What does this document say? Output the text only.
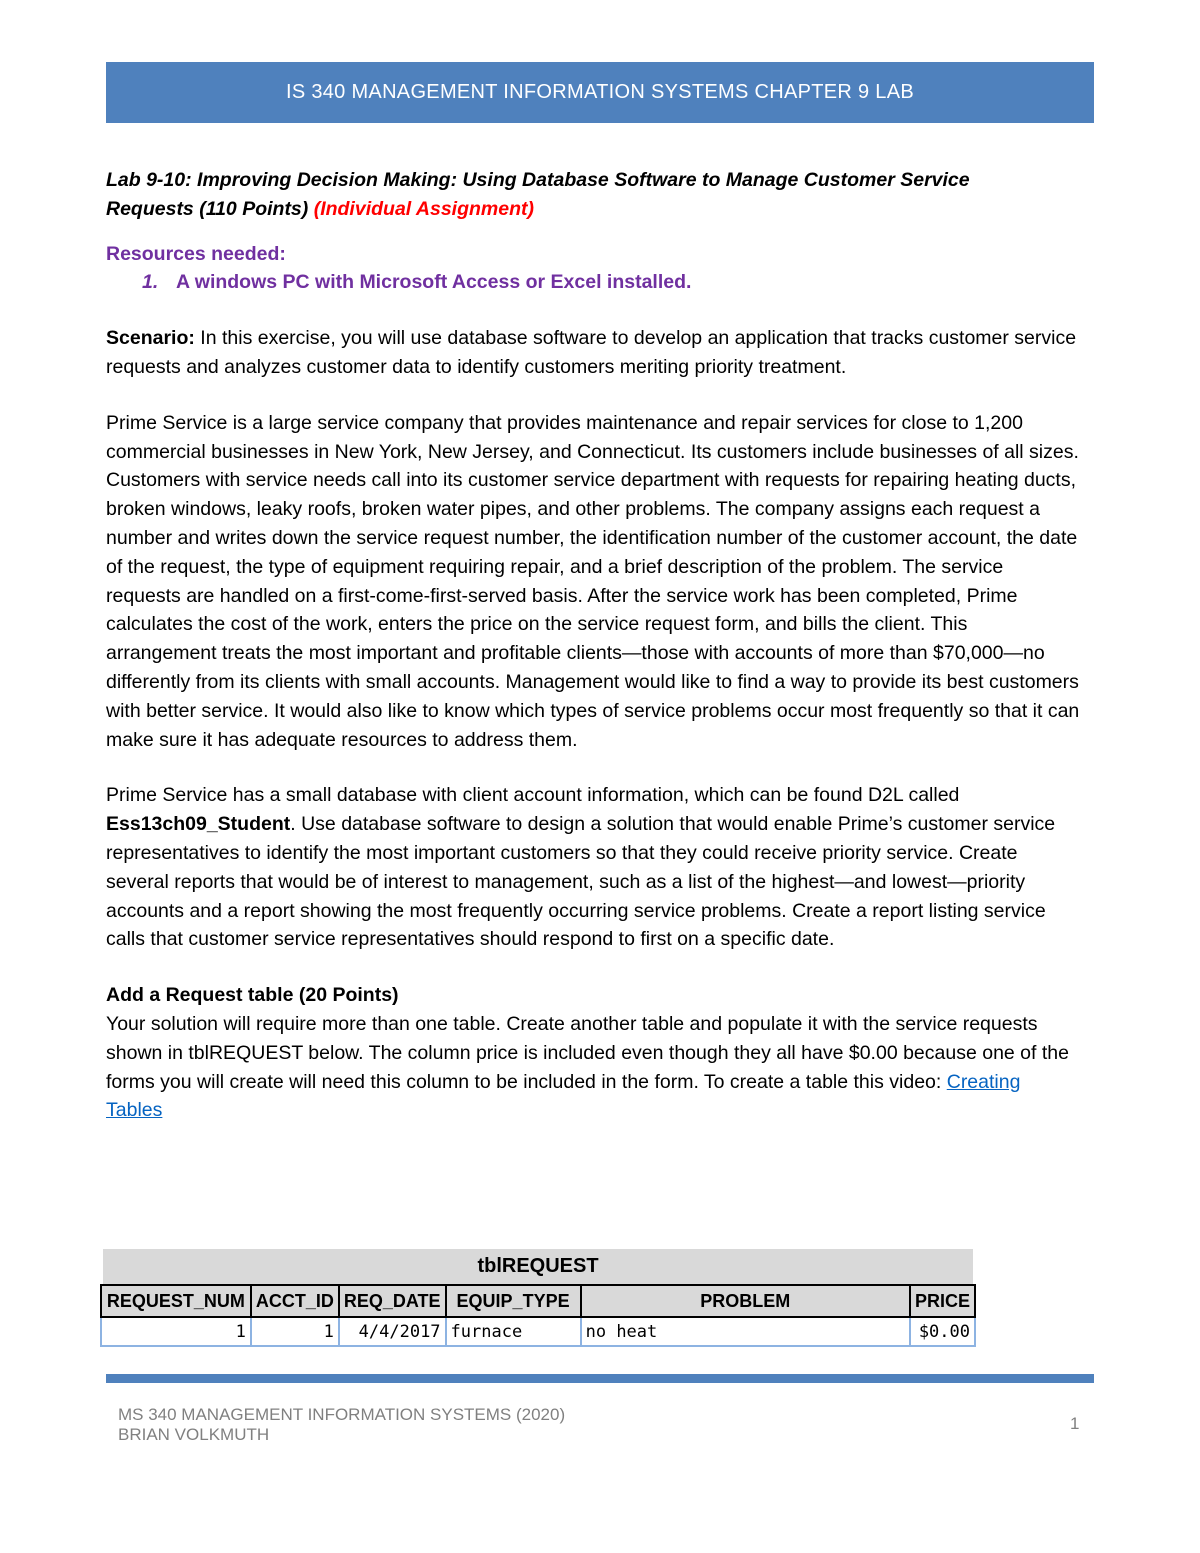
IS 340 MANAGEMENT INFORMATION SYSTEMS CHAPTER 9 LAB

Lab 9-10: Improving Decision Making: Using Database Software to Manage Customer Service
Requests (110 Points) (Individual Assignment)

Resources needed:

1. A windows PC with Microsoft Access or Excel installed.

Scenario: In this exercise, you will use database software to develop an application that tracks customer service requests and analyzes customer data to identify customers meriting priority treatment.

Prime Service is a large service company that provides maintenance and repair services for close to 1,200 commercial businesses in New York, New Jersey, and Connecticut. Its customers include businesses of all sizes. Customers with service needs call into its customer service department with requests for repairing heating ducts, broken windows, leaky roofs, broken water pipes, and other problems. The company assigns each request a number and writes down the service request number, the identification number of the customer account, the date of the request, the type of equipment requiring repair, and a brief description of the problem. The service requests are handled on a first-come-first-served basis. After the service work has been completed, Prime calculates the cost of the work, enters the price on the service request form, and bills the client. This arrangement treats the most important and profitable clients—those with accounts of more than $70,000—no differently from its clients with small accounts. Management would like to find a way to provide its best customers with better service. It would also like to know which types of service problems occur most frequently so that it can make sure it has adequate resources to address them.

Prime Service has a small database with client account information, which can be found D2L called Ess13ch09_Student. Use database software to design a solution that would enable Prime’s customer service representatives to identify the most important customers so that they could receive priority service. Create several reports that would be of interest to management, such as a list of the highest—and lowest—priority accounts and a report showing the most frequently occurring service problems. Create a report listing service calls that customer service representatives should respond to first on a specific date.

Add a Request table (20 Points)

Your solution will require more than one table. Create another table and populate it with the service requests shown in tblREQUEST below. The column price is included even though they all have $0.00 because one of the forms you will create will need this column to be included in the form. To create a table this video: Creating Tables

tblREQUEST
REQUEST_NUM	ACCT_ID	REQ_DATE	EQUIP_TYPE	PROBLEM	PRICE
1	1	4/4/2017	furnace	no heat	$0.00
MS 340 MANAGEMENT INFORMATION SYSTEMS (2020)
BRIAN VOLKMUTH
1
